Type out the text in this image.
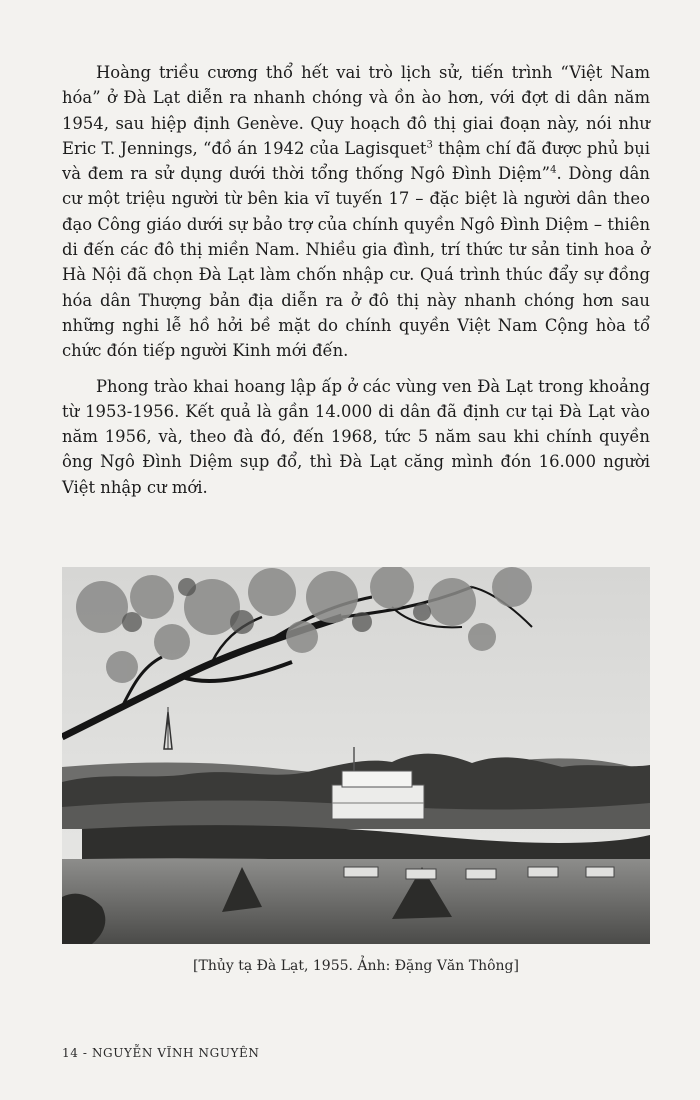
Hoàng triều cương thổ hết vai trò lịch sử, tiến trình “Việt Nam hóa” ở Đà Lạt diễn ra nhanh chóng và ồn ào hơn, với đợt di dân năm 1954, sau hiệp định Genève. Quy hoạch đô thị giai đoạn này, nói như Eric T. Jennings, “đồ án 1942 của Lagisquet$^3$ thậm chí đã được phủ bụi và đem ra sử dụng dưới thời tổng thống Ngô Đình Diệm”$^4$. Dòng dân cư một triệu người từ bên kia vĩ tuyến 17 – đặc biệt là người dân theo đạo Công giáo dưới sự bảo trợ của chính quyền Ngô Đình Diệm – thiên di đến các đô thị miền Nam. Nhiều gia đình, trí thức tư sản tinh hoa ở Hà Nội đã chọn Đà Lạt làm chốn nhập cư. Quá trình thúc đẩy sự đồng hóa dân Thượng bản địa diễn ra ở đô thị này nhanh chóng hơn sau những nghi lễ hồ hởi bề mặt do chính quyền Việt Nam Cộng hòa tổ chức đón tiếp người Kinh mới đến.

Phong trào khai hoang lập ấp ở các vùng ven Đà Lạt trong khoảng từ 1953-1956. Kết quả là gần 14.000 di dân đã định cư tại Đà Lạt vào năm 1956, và, theo đà đó, đến 1968, tức 5 năm sau khi chính quyền ông Ngô Đình Diệm sụp đổ, thì Đà Lạt căng mình đón 16.000 người Việt nhập cư mới.

[Thủy tạ Đà Lạt, 1955. Ảnh: Đặng Văn Thông]
14 - NGUYỄN VĨNH NGUYÊN
